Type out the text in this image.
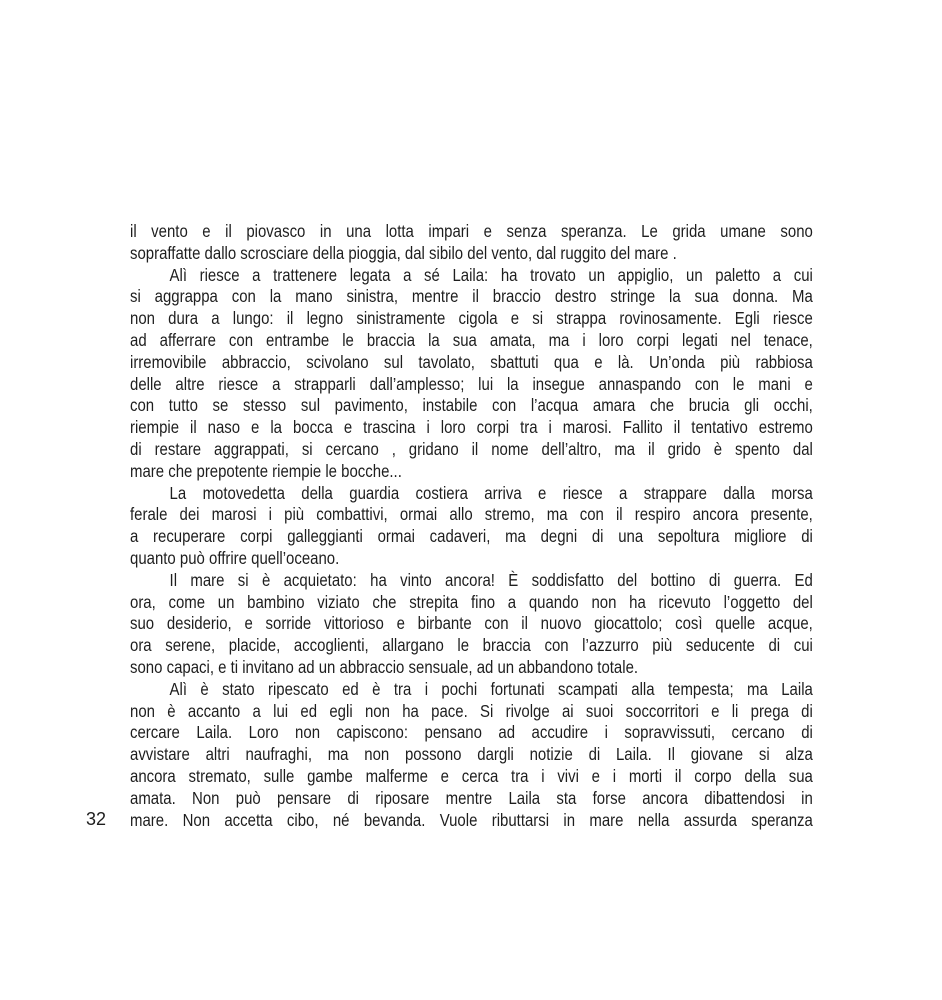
il vento e il piovasco in una lotta impari e senza speranza. Le grida umane sono
sopraffatte dallo scrosciare della pioggia, dal sibilo del vento, dal ruggito del mare .
Alì riesce a trattenere legata a sé Laila: ha trovato un appiglio, un paletto a cui
si aggrappa con la mano sinistra, mentre il braccio destro stringe la sua donna. Ma
non dura a lungo: il legno sinistramente cigola e si strappa rovinosamente. Egli riesce
ad afferrare con entrambe le braccia la sua amata, ma i loro corpi legati nel tenace,
irremovibile abbraccio, scivolano sul tavolato, sbattuti qua e là. Un’onda più rabbiosa
delle altre riesce a strapparli dall’amplesso; lui la insegue annaspando con le mani e
con tutto se stesso sul pavimento, instabile con l’acqua amara che brucia gli occhi,
riempie il naso e la bocca e trascina i loro corpi tra i marosi. Fallito il tentativo estremo
di restare aggrappati, si cercano , gridano il nome dell’altro, ma il grido è spento dal
mare che prepotente riempie le bocche...
La motovedetta della guardia costiera arriva e riesce a strappare dalla morsa
ferale dei marosi i più combattivi, ormai allo stremo, ma con il respiro ancora presente,
a recuperare corpi galleggianti ormai cadaveri, ma degni di una sepoltura migliore di
quanto può offrire quell’oceano.
Il mare si è acquietato: ha vinto ancora! È soddisfatto del bottino di guerra. Ed
ora, come un bambino viziato che strepita fino a quando non ha ricevuto l’oggetto del
suo desiderio, e sorride vittorioso e birbante con il nuovo giocattolo; così quelle acque,
ora serene, placide, accoglienti, allargano le braccia con l’azzurro più seducente di cui
sono capaci, e ti invitano ad un abbraccio sensuale, ad un abbandono totale.
Alì è stato ripescato ed è tra i pochi fortunati scampati alla tempesta; ma Laila
non è accanto a lui ed egli non ha pace. Si rivolge ai suoi soccorritori e li prega di
cercare Laila. Loro non capiscono: pensano ad accudire i sopravvissuti, cercano di
avvistare altri naufraghi, ma non possono dargli notizie di Laila. Il giovane si alza
ancora stremato, sulle gambe malferme e cerca tra i vivi e i morti il corpo della sua
amata. Non può pensare di riposare mentre Laila sta forse ancora dibattendosi in
mare. Non accetta cibo, né bevanda. Vuole ributtarsi in mare nella assurda speranza
32
